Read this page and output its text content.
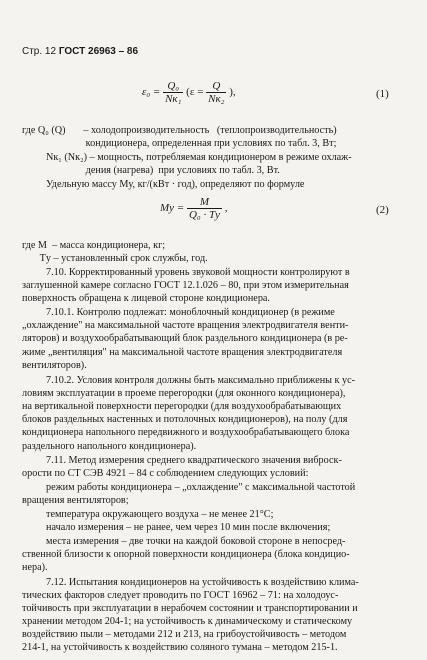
Стр. 12 ГОСТ 26963 – 86
$\varepsilon_0 = \frac{\text{Q₀}}{\text{Nк₁}} (\varepsilon = \frac{Q}{\text{Nк₂}}$ ),	(1)
где Q₀ (Q)       – холодопроизводительность   (теплопроизводительность)
кондиционера, определенная при условиях по табл. 3, Вт;
Nк₁ (Nк₂) – мощность, потребляемая кондиционером в режиме охлаж-
дения (нагрева)  при условиях по табл. 3, Вт.
Удельную массу Mу, кг/(кВт · год), определяют по формуле
Mу = $\frac{M}{\text{Q₀ · Tу}}$ ,	(2)
где M  – масса кондиционера, кг;
Tу – установленный срок службы, год.
7.10. Корректированный уровень звуковой мощности контролируют в
заглушенной камере согласно ГОСТ 12.1.026 – 80, при этом измерительная
поверхность обращена к лицевой стороне кондиционера.
7.10.1. Контролю подлежат: моноблочный кондиционер (в режиме
„охлаждение" на максимальной частоте вращения электродвигателя венти-
ляторов) и воздухообрабатывающий блок раздельного кондиционера (в ре-
жиме „вентиляция" на максимальной частоте вращения электродвигателя
вентиляторов).
7.10.2. Условия контроля должны быть максимально приближены к ус-
ловиям эксплуатации в проеме перегородки (для оконного кондиционера),
на вертикальной поверхности перегородки (для воздухообрабатывающих
блоков раздельных настенных и потолочных кондиционеров), на полу (для
кондиционера напольного передвижного и воздухообрабатывающего блока
раздельного напольного кондиционера).
7.11. Метод измерения среднего квадратического значения виброск-
орости по СТ СЭВ 4921 – 84 с соблюдением следующих условий:
режим работы кондиционера – „охлаждение" с максимальной частотой
вращения вентиляторов;
температура окружающего воздуха – не менее 21°С;
начало измерения – не ранее, чем через 10 мин после включения;
места измерения – две точки на каждой боковой стороне в непосред-
ственной близости к опорной поверхности кондиционера (блока кондицио-
нера).
7.12. Испытания кондиционеров на устойчивость к воздействию клима-
тических факторов следует проводить по ГОСТ 16962 – 71: на холодоус-
тойчивость при эксплуатации в нерабочем состоянии и транспортировании и
хранении методом 204-1; на устойчивость к динамическому и статическому
воздействию пыли – методами 212 и 213, на грибоустойчивость – методом
214-1, на устойчивость к воздействию соляного тумана – методом 215-1.
